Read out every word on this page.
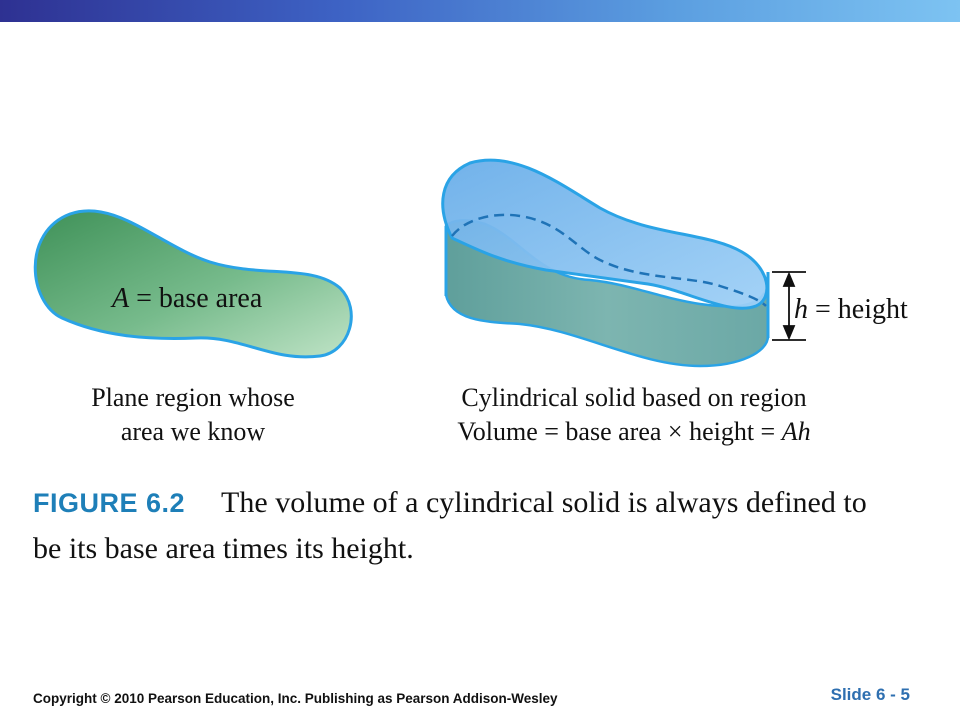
A = base area	h = height
Plane region whose
area we know
Cylindrical solid based on region
Volume = base area × height = Ah
FIGURE 6.2 The volume of a cylindrical solid is always defined to
be its base area times its height.
Copyright © 2010 Pearson Education, Inc. Publishing as Pearson Addison-Wesley	Slide 6 - 5
